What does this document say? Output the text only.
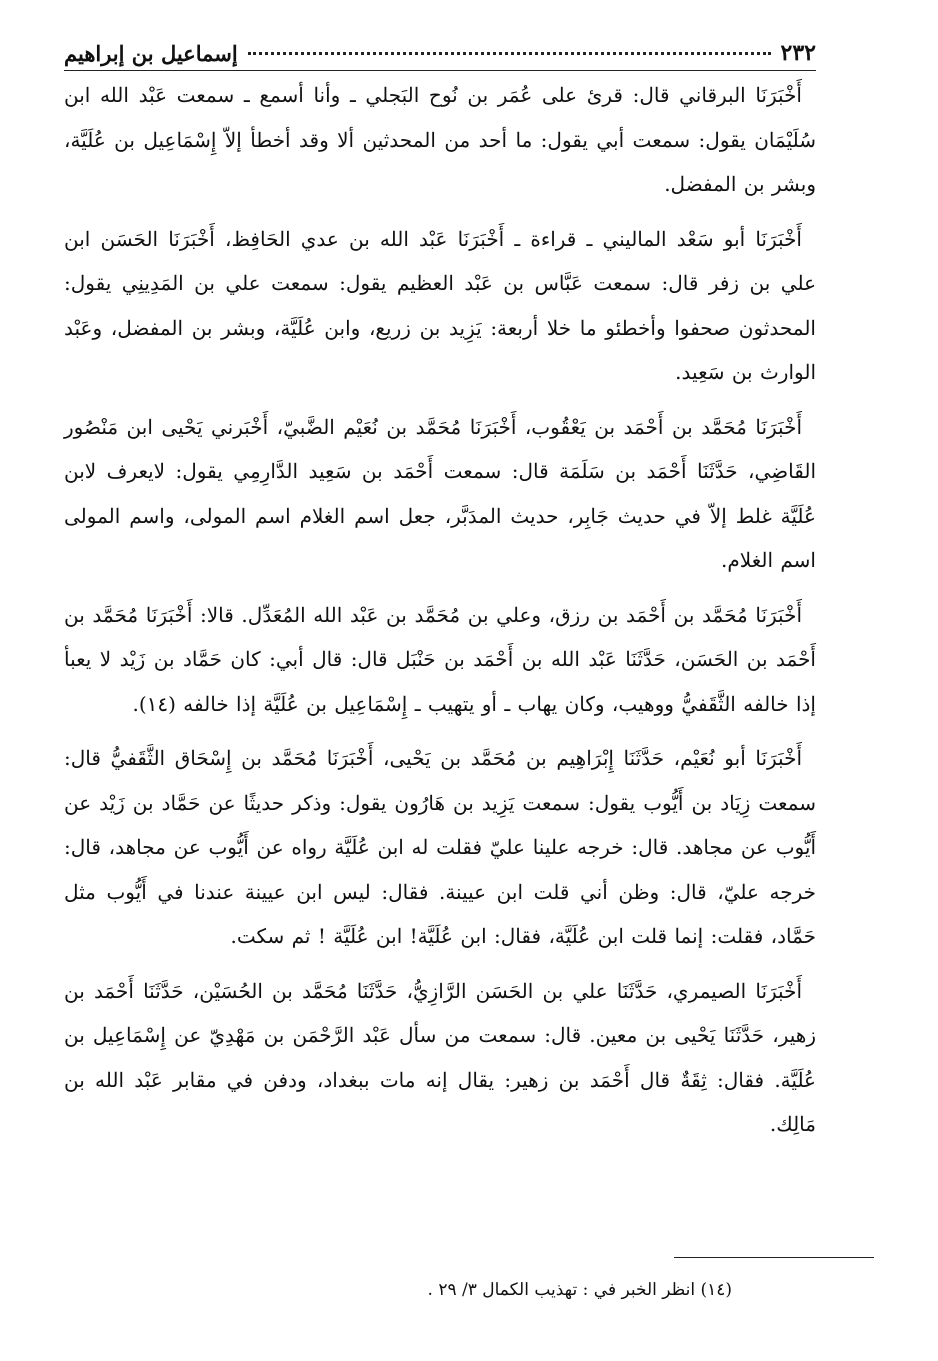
٢٣٢
إسماعيل بن إبراهيم

أَخْبَرَنَا البرقاني قال: قرئ على عُمَر بن نُوح البَجلي ـ وأنا أسمع ـ سمعت عَبْد الله ابن سُلَيْمَان يقول: سمعت أبي يقول: ما أحد من المحدثين ألا وقد أخطأ إلاّ إِسْمَاعِيل بن عُلَيَّة، وبشر بن المفضل.

أَخْبَرَنَا أبو سَعْد الماليني ـ قراءة ـ أَخْبَرَنَا عَبْد الله بن عدي الحَافِظ، أَخْبَرَنَا الحَسَن ابن علي بن زفر قال: سمعت عَبَّاس بن عَبْد العظيم يقول: سمعت علي بن المَدِينِي يقول: المحدثون صحفوا وأخطئو ما خلا أربعة: يَزِيد بن زريع، وابن عُلَيَّة، وبشر بن المفضل، وعَبْد الوارث بن سَعِيد.

أَخْبَرَنَا مُحَمَّد بن أَحْمَد بن يَعْقُوب، أَخْبَرَنَا مُحَمَّد بن نُعَيْم الضَّبيّ، أَخْبَرني يَحْيى ابن مَنْصُور القَاضِي، حَدَّثَنَا أَحْمَد بن سَلَمَة قال: سمعت أَحْمَد بن سَعِيد الدَّارِمِي يقول: لايعرف لابن عُلَيَّة غلط إلاّ في حديث جَابِر، حديث المدَبَّر، جعل اسم الغلام اسم المولى، واسم المولى اسم الغلام.

أَخْبَرَنَا مُحَمَّد بن أَحْمَد بن رزق، وعلي بن مُحَمَّد بن عَبْد الله المُعَدِّل. قالا: أَخْبَرَنَا مُحَمَّد بن أَحْمَد بن الحَسَن، حَدَّثَنَا عَبْد الله بن أَحْمَد بن حَنْبَل قال: قال أبي: كان حَمَّاد بن زَيْد لا يعبأ إذا خالفه الثَّقَفيُّ ووهيب، وكان يهاب ـ أو يتهيب ـ إِسْمَاعِيل بن عُلَيَّة إذا خالفه (١٤).

أَخْبَرَنَا أبو نُعَيْم، حَدَّثَنَا إِبْرَاهِيم بن مُحَمَّد بن يَحْيى، أَخْبَرَنَا مُحَمَّد بن إِسْحَاق الثَّقَفيُّ قال: سمعت زِيَاد بن أَيُّوب يقول: سمعت يَزِيد بن هَارُون يقول: وذكر حديثًا عن حَمَّاد بن زَيْد عن أَيُّوب عن مجاهد. قال: خرجه علينا عليّ فقلت له ابن عُلَيَّة رواه عن أَيُّوب عن مجاهد، قال: خرجه عليّ، قال: وظن أني قلت ابن عيينة. فقال: ليس ابن عيينة عندنا في أَيُّوب مثل حَمَّاد، فقلت: إنما قلت ابن عُلَيَّة، فقال: ابن عُلَيَّة! ابن عُلَيَّة ! ثم سكت.

أَخْبَرَنَا الصيمري، حَدَّثَنَا علي بن الحَسَن الرَّازِيُّ، حَدَّثَنَا مُحَمَّد بن الحُسَيْن، حَدَّثَنَا أَحْمَد بن زهير، حَدَّثَنَا يَحْيى بن معين. قال: سمعت من سأل عَبْد الرَّحْمَن بن مَهْدِيّ عن إِسْمَاعِيل بن عُلَيَّة. فقال: ثِقَةٌ قال أَحْمَد بن زهير: يقال إنه مات ببغداد، ودفن في مقابر عَبْد الله بن مَالِك.

(١٤) انظر الخبر في : تهذيب الكمال ٣/ ٢٩ .
